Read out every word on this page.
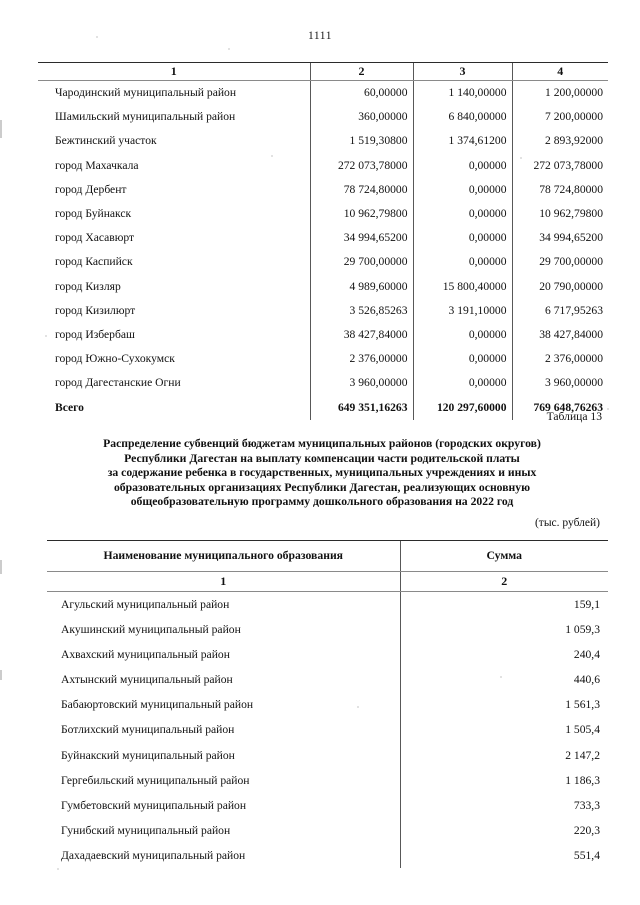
1111
1	2	3	4
Чародинский муниципальный район	60,00000	1 140,00000	1 200,00000
Шамильский муниципальный район	360,00000	6 840,00000	7 200,00000
Бежтинский участок	1 519,30800	1 374,61200	2 893,92000
город Махачкала	272 073,78000	0,00000	272 073,78000
город Дербент	78 724,80000	0,00000	78 724,80000
город Буйнакск	10 962,79800	0,00000	10 962,79800
город Хасавюрт	34 994,65200	0,00000	34 994,65200
город Каспийск	29 700,00000	0,00000	29 700,00000
город Кизляр	4 989,60000	15 800,40000	20 790,00000
город Кизилюрт	3 526,85263	3 191,10000	6 717,95263
город Избербаш	38 427,84000	0,00000	38 427,84000
город Южно-Сухокумск	2 376,00000	0,00000	2 376,00000
город Дагестанские Огни	3 960,00000	0,00000	3 960,00000
Всего	649 351,16263	120 297,60000	769 648,76263
Таблица 13
Распределение субвенций бюджетам муниципальных районов (городских округов)
Республики Дагестан на выплату компенсации части родительской платы
за содержание ребенка в государственных, муниципальных учреждениях и иных
образовательных организациях Республики Дагестан, реализующих основную
общеобразовательную программу дошкольного образования на 2022 год
(тыс. рублей)
Наименование муниципального образования	Сумма
1	2
Агульский муниципальный район	159,1
Акушинский муниципальный район	1 059,3
Ахвахский муниципальный район	240,4
Ахтынский муниципальный район	440,6
Бабаюртовский муниципальный район	1 561,3
Ботлихский муниципальный район	1 505,4
Буйнакский муниципальный район	2 147,2
Гергебильский муниципальный район	1 186,3
Гумбетовский муниципальный район	733,3
Гунибский муниципальный район	220,3
Дахадаевский муниципальный район	551,4
